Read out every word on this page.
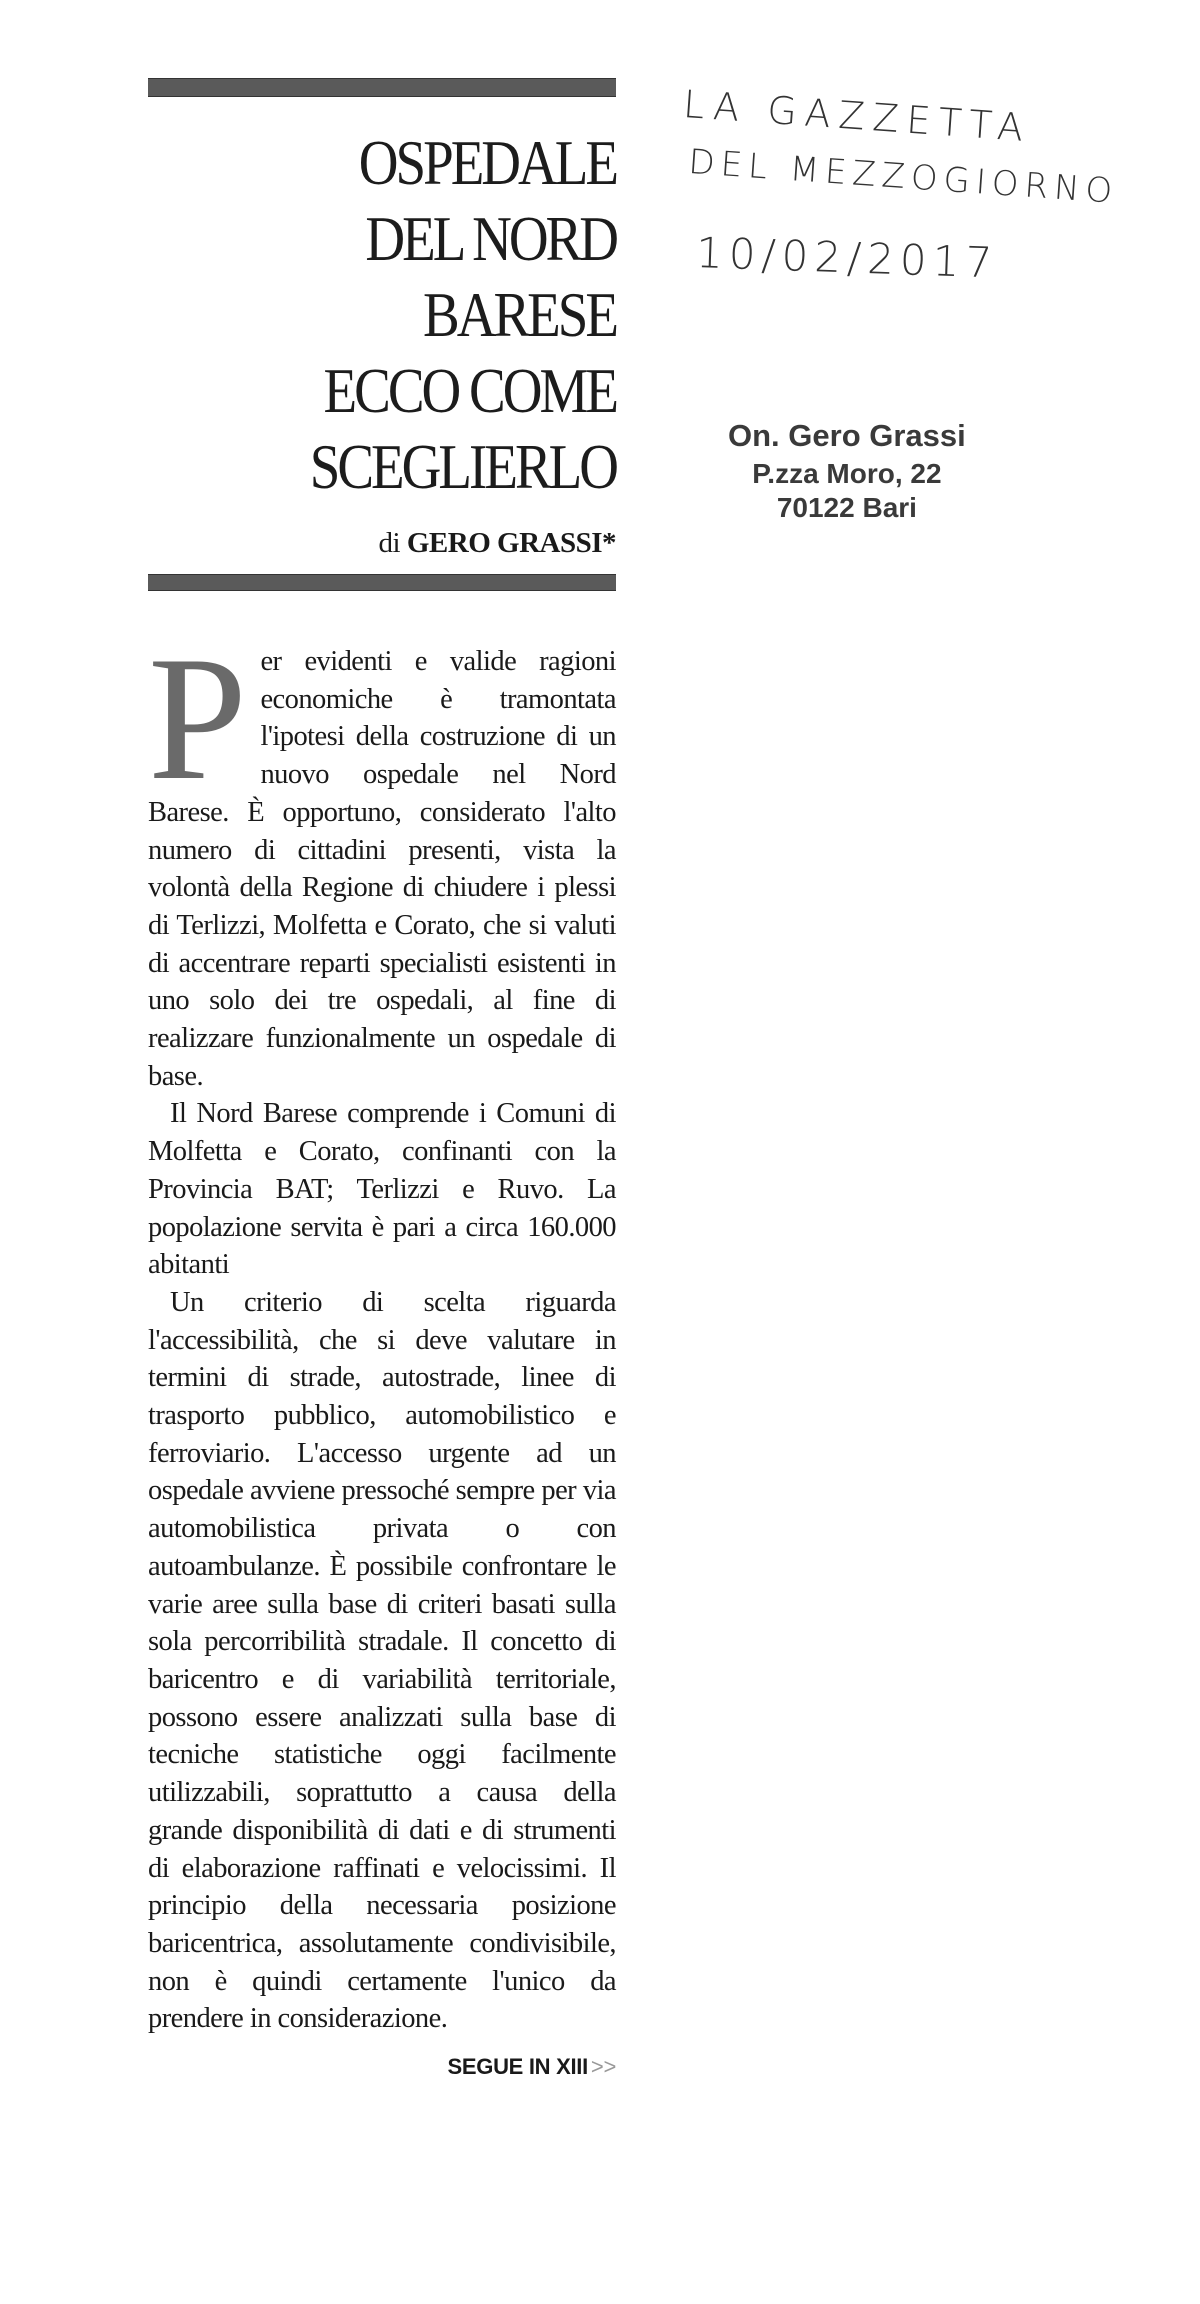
LA GAZZETTA
DEL MEZZOGIORNO
10/02/2017
On. Gero Grassi
P.zza Moro, 22
70122 Bari
OSPEDALE
DEL NORD BARESE
ECCO COME
SCEGLIERLO
di GERO GRASSI*

Per evidenti e valide ragioni economiche è tramontata l'ipotesi della costruzione di un nuovo ospedale nel Nord Barese. È opportuno, considerato l'alto numero di cittadini presenti, vista la volontà della Regione di chiudere i plessi di Terlizzi, Molfetta e Corato, che si valuti di accentrare reparti specialisti esistenti in uno solo dei tre ospedali, al fine di realizzare funzionalmente un ospedale di base.

Il Nord Barese comprende i Comuni di Molfetta e Corato, confinanti con la Provincia BAT; Terlizzi e Ruvo. La popolazione servita è pari a circa 160.000 abitanti

Un criterio di scelta riguarda l'accessibilità, che si deve valutare in termini di strade, autostrade, linee di trasporto pubblico, automobilistico e ferroviario. L'accesso urgente ad un ospedale avviene pressoché sempre per via automobilistica privata o con autoambulanze. È possibile confrontare le varie aree sulla base di criteri basati sulla sola percorribilità stradale. Il concetto di baricentro e di variabilità territoriale, possono essere analizzati sulla base di tecniche statistiche oggi facilmente utilizzabili, soprattutto a causa della grande disponibilità di dati e di strumenti di elaborazione raffinati e velocissimi. Il principio della necessaria posizione baricentrica, assolutamente condivisibile, non è quindi certamente l'unico da prendere in considerazione.

SEGUE IN XIII >>
